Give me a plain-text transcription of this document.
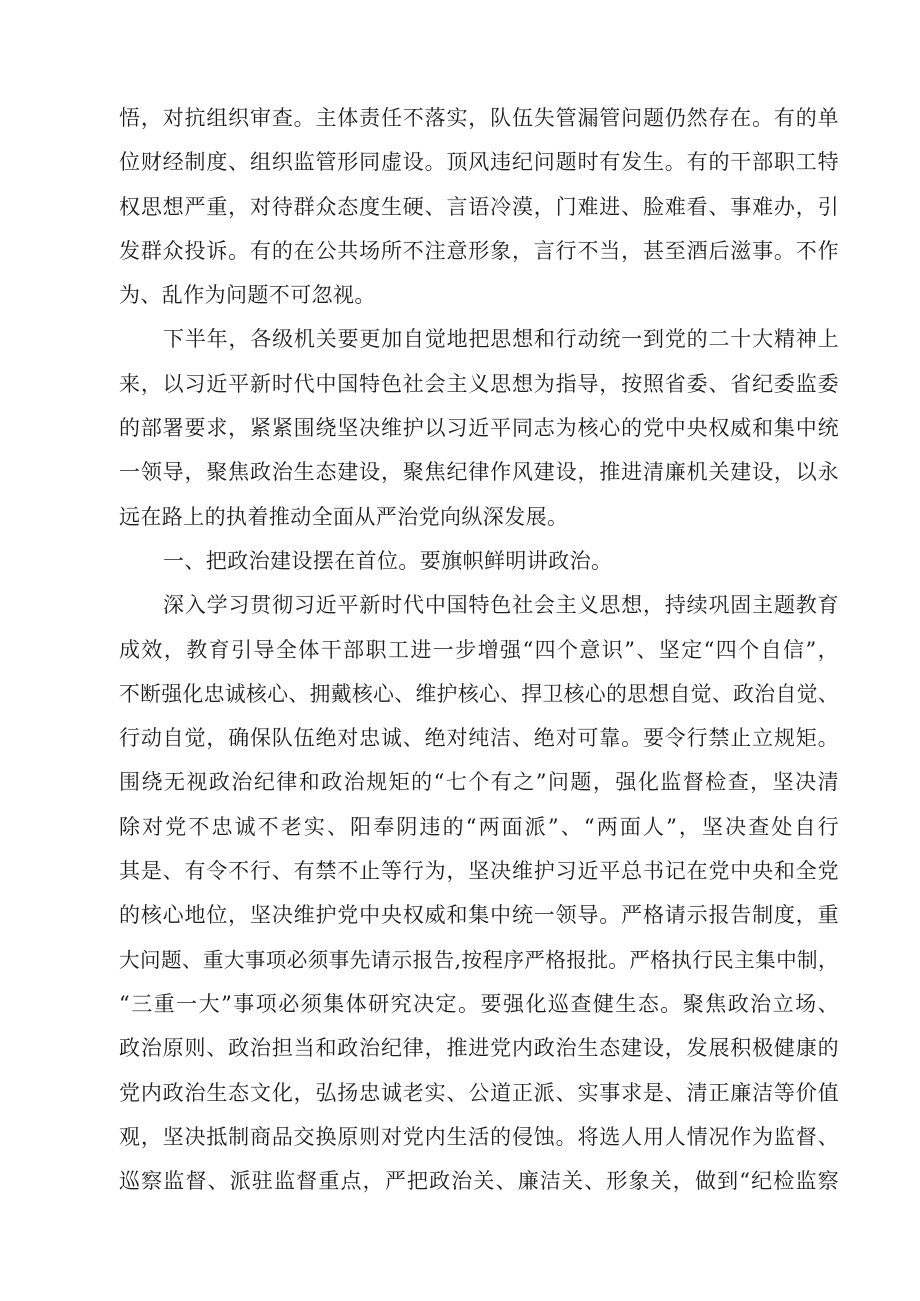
悟，对抗组织审查。主体责任不落实，队伍失管漏管问题仍然存在。有的单
位财经制度、组织监管形同虚设。顶风违纪问题时有发生。有的干部职工特
权思想严重，对待群众态度生硬、言语冷漠，门难进、脸难看、事难办，引
发群众投诉。有的在公共场所不注意形象，言行不当，甚至酒后滋事。不作
为、乱作为问题不可忽视。
下半年，各级机关要更加自觉地把思想和行动统一到党的二十大精神上
来，以习近平新时代中国特色社会主义思想为指导，按照省委、省纪委监委
的部署要求，紧紧围绕坚决维护以习近平同志为核心的党中央权威和集中统
一领导，聚焦政治生态建设，聚焦纪律作风建设，推进清廉机关建设，以永
远在路上的执着推动全面从严治党向纵深发展。
一、把政治建设摆在首位。要旗帜鲜明讲政治。
深入学习贯彻习近平新时代中国特色社会主义思想，持续巩固主题教育
成效，教育引导全体干部职工进一步增强“四个意识”、坚定“四个自信”，
不断强化忠诚核心、拥戴核心、维护核心、捍卫核心的思想自觉、政治自觉、
行动自觉，确保队伍绝对忠诚、绝对纯洁、绝对可靠。要令行禁止立规矩。
围绕无视政治纪律和政治规矩的“七个有之”问题，强化监督检查，坚决清
除对党不忠诚不老实、阳奉阴违的“两面派”、“两面人”，坚决查处自行
其是、有令不行、有禁不止等行为，坚决维护习近平总书记在党中央和全党
的核心地位，坚决维护党中央权威和集中统一领导。严格请示报告制度，重
大问题、重大事项必须事先请示报告,按程序严格报批。严格执行民主集中制，
“三重一大”事项必须集体研究决定。要强化巡查健生态。聚焦政治立场、
政治原则、政治担当和政治纪律，推进党内政治生态建设，发展积极健康的
党内政治生态文化，弘扬忠诚老实、公道正派、实事求是、清正廉洁等价值
观，坚决抵制商品交换原则对党内生活的侵蚀。将选人用人情况作为监督、
巡察监督、派驻监督重点，严把政治关、廉洁关、形象关，做到“纪检监察
